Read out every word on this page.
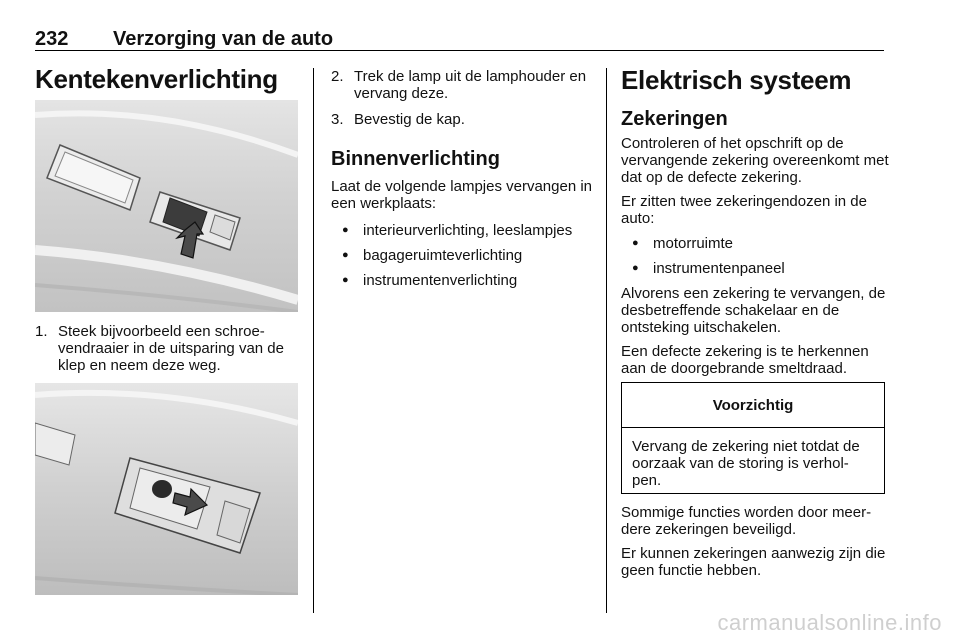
232 Verzorging van de auto
Kentekenverlichting
1. Steek bijvoorbeeld een schroe-vendraaier in de uitsparing van de klep en neem deze weg.
2. Trek de lamp uit de lamphouder en vervang deze.
3. Bevestig de kap.
Binnenverlichting

Laat de volgende lampjes vervangen in een werkplaats:

● interieurverlichting, leeslampjes
● bagageruimteverlichting
● instrumentenverlichting
Elektrisch systeem
Zekeringen

Controleren of het opschrift op de vervangende zekering overeenkomt met dat op de defecte zekering.

Er zitten twee zekeringendozen in de auto:

● motorruimte
● instrumentenpaneel

Alvorens een zekering te vervangen, de desbetreffende schakelaar en de ontsteking uitschakelen.

Een defecte zekering is te herkennen aan de doorgebrande smeltdraad.

Voorzichtig
Vervang de zekering niet totdat de oorzaak van de storing is verhol-pen.

Sommige functies worden door meer-dere zekeringen beveiligd.

Er kunnen zekeringen aanwezig zijn die geen functie hebben.

carmanualsonline.info
